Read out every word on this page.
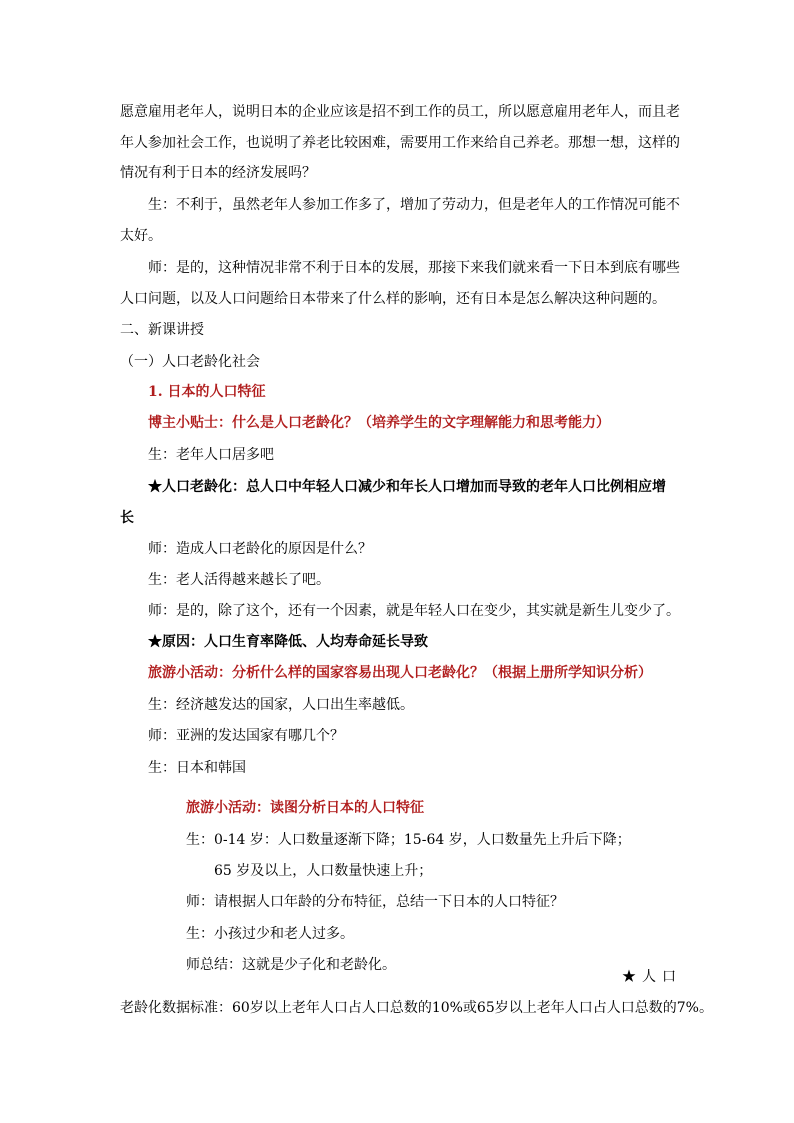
愿意雇用老年人，说明日本的企业应该是招不到工作的员工，所以愿意雇用老年人，而且老
年人参加社会工作，也说明了养老比较困难，需要用工作来给自己养老。那想一想，这样的
情况有利于日本的经济发展吗？
生：不利于，虽然老年人参加工作多了，增加了劳动力，但是老年人的工作情况可能不
太好。
师：是的，这种情况非常不利于日本的发展，那接下来我们就来看一下日本到底有哪些
人口问题，以及人口问题给日本带来了什么样的影响，还有日本是怎么解决这种问题的。
二、新课讲授
（一）人口老龄化社会
1. 日本的人口特征
博主小贴士：什么是人口老龄化？（培养学生的文字理解能力和思考能力）
生：老年人口居多吧
★人口老龄化：总人口中年轻人口减少和年长人口增加而导致的老年人口比例相应增
长
师：造成人口老龄化的原因是什么？
生：老人活得越来越长了吧。
师：是的，除了这个，还有一个因素，就是年轻人口在变少，其实就是新生儿变少了。
★原因：人口生育率降低、人均寿命延长导致
旅游小活动：分析什么样的国家容易出现人口老龄化？（根据上册所学知识分析）
生：经济越发达的国家，人口出生率越低。
师：亚洲的发达国家有哪几个？
生：日本和韩国
旅游小活动：读图分析日本的人口特征
生：0-14 岁：人口数量逐渐下降；15-64 岁，人口数量先上升后下降；
65 岁及以上，人口数量快速上升；
师：请根据人口年龄的分布特征，总结一下日本的人口特征？
生：小孩过少和老人过多。
师总结：这就是少子化和老龄化。
★人口
老龄化数据标准：60岁以上老年人口占人口总数的10%或65岁以上老年人口占人口总数的7%。
